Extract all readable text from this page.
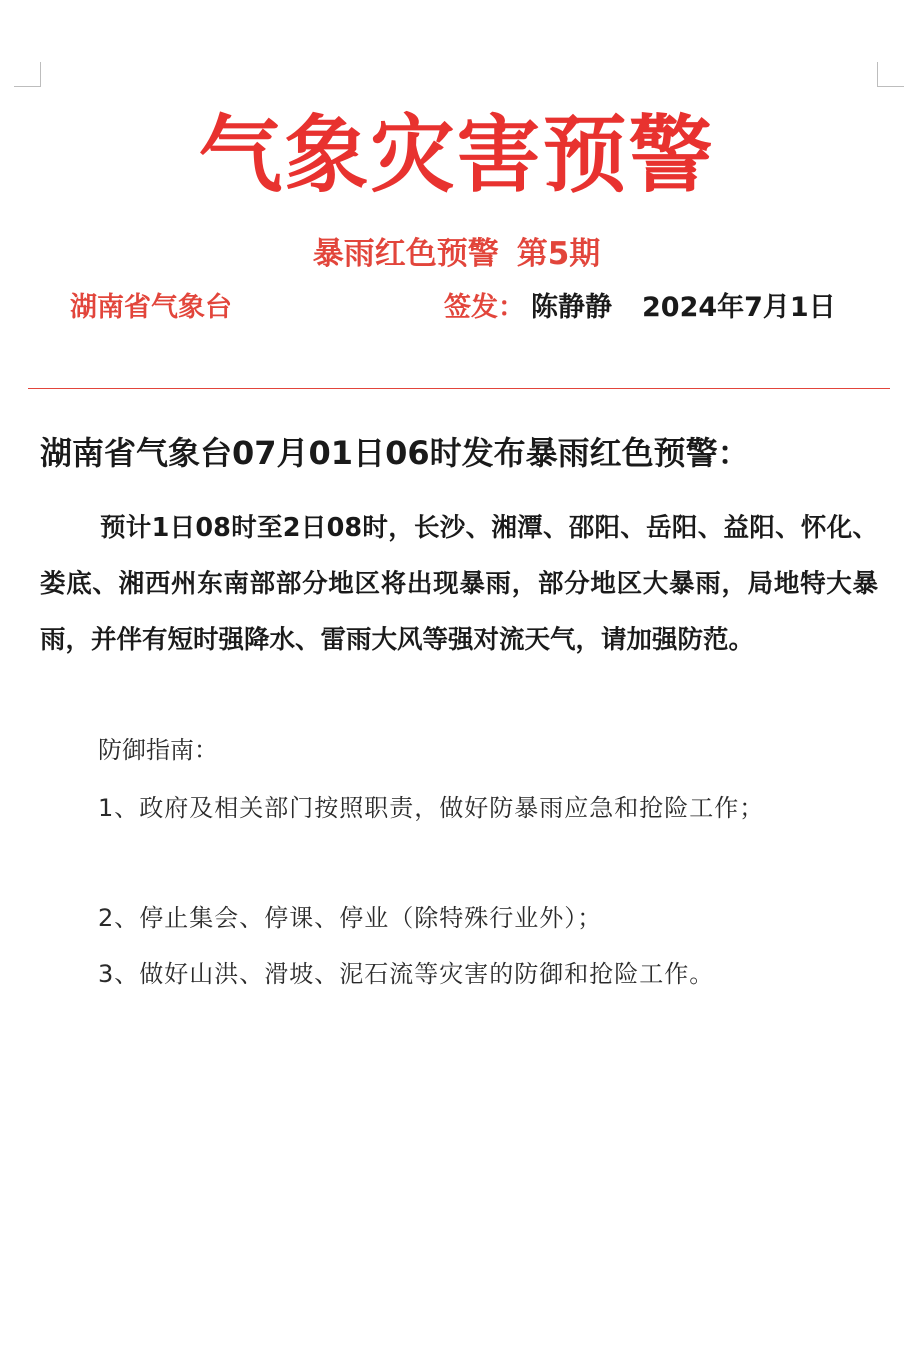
气象灾害预警
暴雨红色预警 第5期
湖南省气象台	签发： 陈静静 2024年7月1日
湖南省气象台07月01日06时发布暴雨红色预警：
预计1日08时至2日08时，长沙、湘潭、邵阳、岳阳、益阳、怀化、娄底、湘西州东南部部分地区将出现暴雨，部分地区大暴雨，局地特大暴雨，并伴有短时强降水、雷雨大风等强对流天气，请加强防范。
防御指南：
1、政府及相关部门按照职责，做好防暴雨应急和抢险工作；
2、停止集会、停课、停业（除特殊行业外）；
3、做好山洪、滑坡、泥石流等灾害的防御和抢险工作。
